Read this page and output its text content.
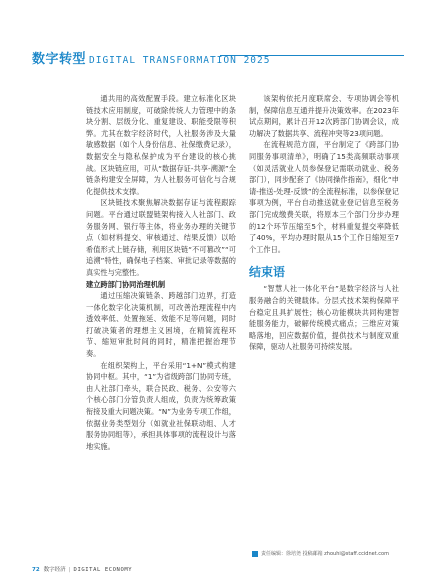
数字转型 DIGITAL TRANSFORMATION 2025

通共用的高效配置手段。建立标准化区块链技术应用制度，可破除传统人力管理中的条块分割、层级分化、重复建设、职能受限等积弊。尤其在数字经济时代，人社服务涉及大量敏感数据（如个人身份信息、社保缴费记录），数据安全与隐私保护成为平台建设的核心挑战。区块链应用，可从“数据存证-共享-溯源”全链条构建安全屏障，为人社服务可信化与合规化提供技术支撑。

区块链技术聚焦解决数据存证与流程跟踪问题。平台通过联盟链架构接入人社部门、政务服务网、银行等主体，将业务办理的关键节点（如材料提交、审核通过、结果反馈）以哈希值形式上链存储，利用区块链“不可篡改”“可追溯”特性，确保电子档案、审批记录等数据的真实性与完整性。

建立跨部门协同治理机制

通过压缩决策链条、跨越部门边界，打造一体化数字化决策机制，可改善治理流程中内透效率低、处置拖延、效能不足等问题，同时打破决策者的理想主义困境，在精简流程环节、缩短审批时间的同时，精准把握治理节奏。

在组织架构上，平台采用“1+N”模式构建协同中枢。其中，“1”为省级跨部门协同专班，由人社部门牵头，联合民政、税务、公安等六个核心部门分管负责人组成，负责为统筹政策衔接及重大问题决策。“N”为业务专项工作组，依据业务类型划分（如就业社保联动组、人才服务协同组等），承担具体事项的流程设计与落地实施。

该架构依托月度联席会、专项协调会等机制，保障信息互通并提升决策效率。在2023年试点期间，累计召开12次跨部门协调会议，成功解决了数据共享、流程冲突等23项问题。

在流程规范方面，平台制定了《跨部门协同服务事项清单》，明确了15类高频联动事项（如灵活就业人员参保登记需联动就业、税务部门），同步配套了《协同操作指南》，细化“申请-推送-处理-反馈”的全流程标准，以参保登记事项为例，平台自动推送就业登记信息至税务部门完成缴费关联，将原本三个部门分步办理的12个环节压缩至5个，材料重复提交率降低了40%，平均办理时限从15个工作日缩短至7个工作日。

结束语

“智慧人社一体化平台”是数字经济与人社服务融合的关键载体。分层式技术架构保障平台稳定且具扩展性；核心功能模块共同构建智能服务能力，破解传统模式痛点；三维应对策略落地，回应数据价值，提供技术与制度双重保障，驱动人社服务可持续发展。

责任编辑：徐培尧 投稿邮箱 zhouhi@staff.ccidnet.com
72 数字经济 | DIGITAL ECONOMY
